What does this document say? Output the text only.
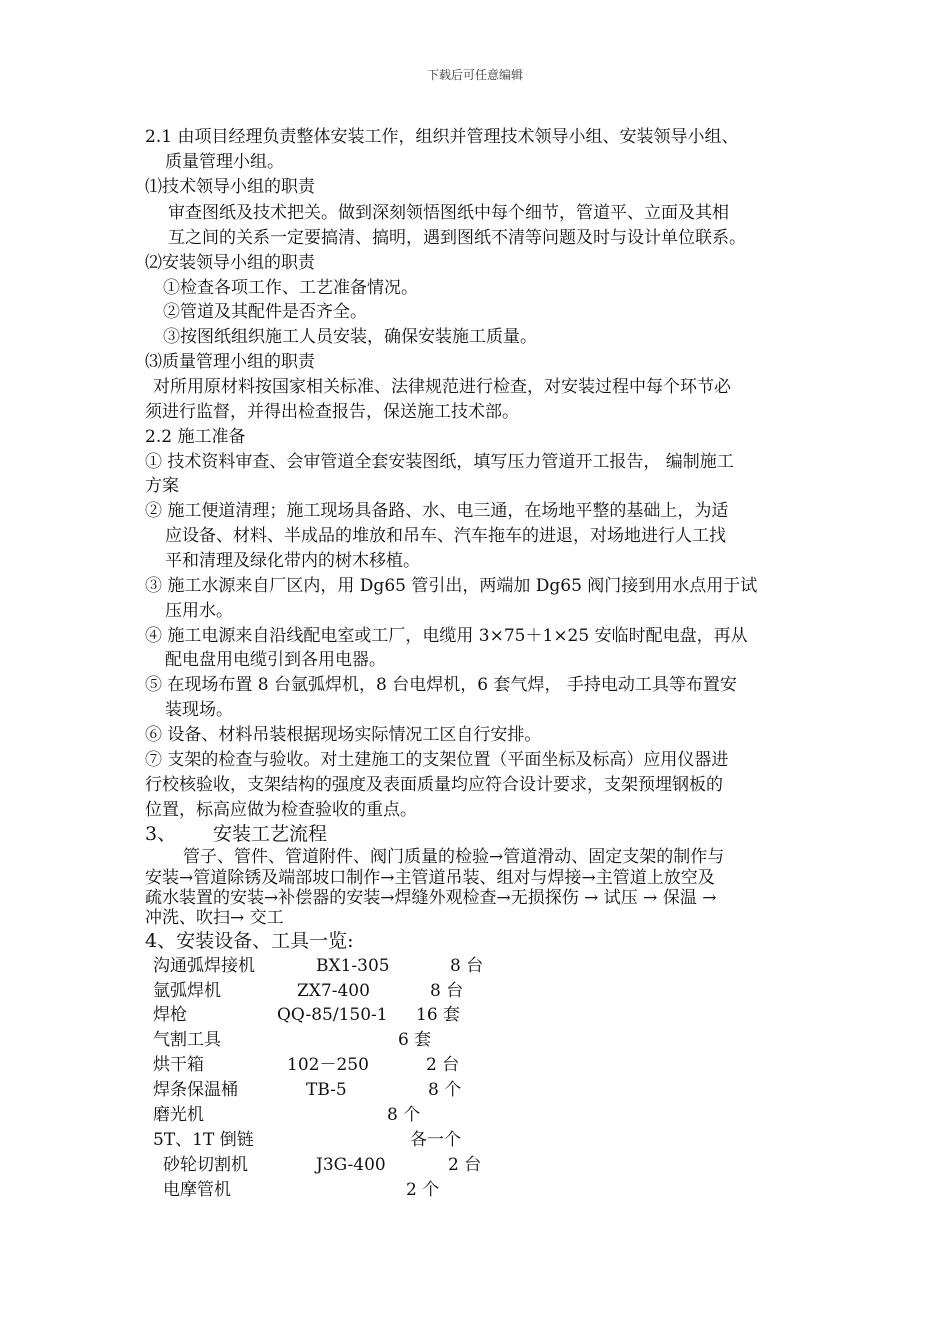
下载后可任意编辑
2.1 由项目经理负责整体安装工作，组织并管理技术领导小组、安装领导小组、
质量管理小组。
⑴技术领导小组的职责
审查图纸及技术把关。做到深刻领悟图纸中每个细节，管道平、立面及其相
互之间的关系一定要搞清、搞明，遇到图纸不清等问题及时与设计单位联系。
⑵安装领导小组的职责
①检查各项工作、工艺准备情况。
②管道及其配件是否齐全。
③按图纸组织施工人员安装，确保安装施工质量。
⑶质量管理小组的职责
对所用原材料按国家相关标准、法律规范进行检查，对安装过程中每个环节必
须进行监督，并得出检查报告，保送施工技术部。
2.2 施工准备
① 技术资料审查、会审管道全套安装图纸，填写压力管道开工报告， 编制施工
方案
② 施工便道清理；施工现场具备路、水、电三通，在场地平整的基础上，为适
应设备、材料、半成品的堆放和吊车、汽车拖车的进退，对场地进行人工找
平和清理及绿化带内的树木移植。
③ 施工水源来自厂区内，用 Dg65 管引出，两端加 Dg65 阀门接到用水点用于试
压用水。
④ 施工电源来自沿线配电室或工厂，电缆用 3×75＋1×25 安临时配电盘，再从
配电盘用电缆引到各用电器。
⑤ 在现场布置 8 台氩弧焊机，8 台电焊机，6 套气焊， 手持电动工具等布置安
装现场。
⑥ 设备、材料吊装根据现场实际情况工区自行安排。
⑦ 支架的检查与验收。对土建施工的支架位置（平面坐标及标高）应用仪器进
行校核验收，支架结构的强度及表面质量均应符合设计要求，支架预埋钢板的
位置，标高应做为检查验收的重点。
3、 安装工艺流程
管子、管件、管道附件、阀门质量的检验→管道滑动、固定支架的制作与
安装→管道除锈及端部坡口制作→主管道吊装、组对与焊接→主管道上放空及
疏水装置的安装→补偿器的安装→焊缝外观检查→无损探伤 → 试压 → 保温 →
冲洗、吹扫→ 交工
4、安装设备、工具一览:
沟通弧焊接机	BX1-305	8 台
氩弧焊机	ZX7-400	8 台
焊枪	QQ-85/150-1 16 套
气割工具	6 套
烘干箱	102－250	2 台
焊条保温桶	TB-5	8 个
磨光机	8 个
5T、1T 倒链	各一个
砂轮切割机	J3G-400	2 台
电摩管机	2 个
